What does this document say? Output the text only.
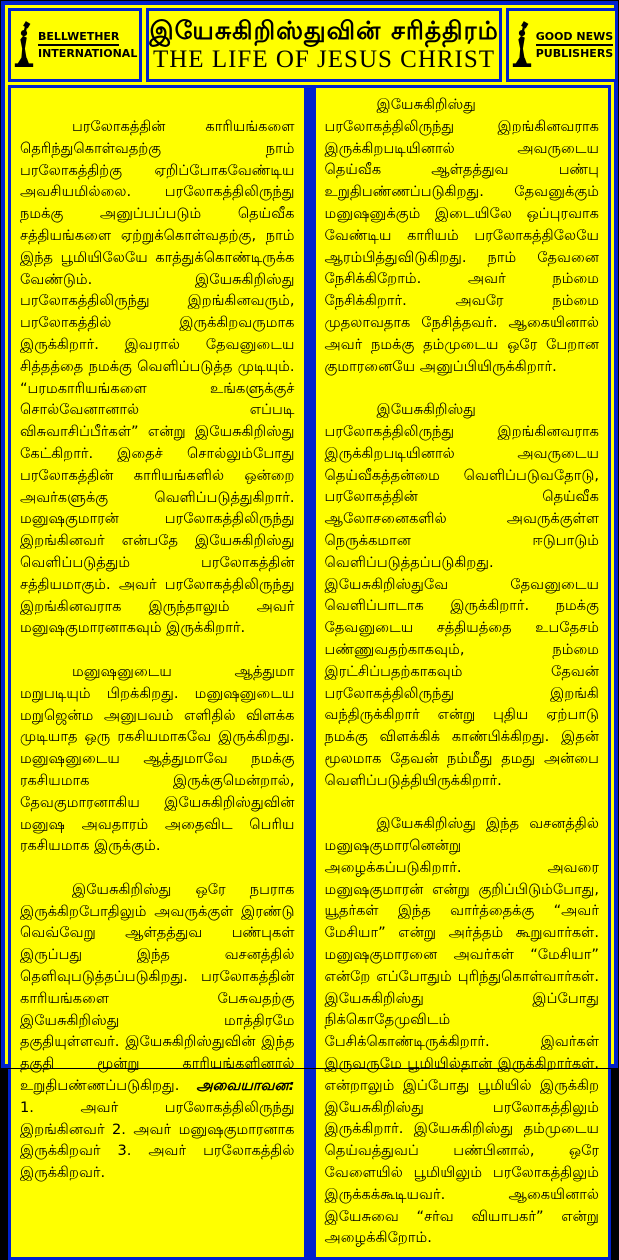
BELLWETHER
INTERNATIONAL
இயேசுகிறிஸ்துவின் சரித்திரம்
THE LIFE OF JESUS CHRIST
GOOD NEWS
PUBLISHERS

பரலோகத்தின் காரியங்களை தெரிந்துகொள்வதற்கு நாம் பரலோகத்திற்கு ஏறிப்போகவேண்டிய அவசியமில்லை. பரலோகத்திலிருந்து நமக்கு அனுப்பப்படும் தெய்வீக சத்தியங்களை ஏற்றுக்கொள்வதற்கு, நாம் இந்த பூமியிலேயே காத்துக்கொண்டிருக்க வேண்டும். இயேசுகிறிஸ்து பரலோகத்திலிருந்து இறங்கினவரும், பரலோகத்தில் இருக்கிறவருமாக இருக்கிறார். இவரால் தேவனுடைய சித்தத்தை நமக்கு வெளிப்படுத்த முடியும். “பரமகாரியங்களை உங்களுக்குச் சொல்வேனானால் எப்படி விசுவாசிப்பீர்கள்” என்று இயேசுகிறிஸ்து கேட்கிறார். இதைச் சொல்லும்போது பரலோகத்தின் காரியங்களில் ஒன்றை அவர்களுக்கு வெளிப்படுத்துகிறார். மனுஷகுமாரன் பரலோகத்திலிருந்து இறங்கினவர் என்பதே இயேசுகிறிஸ்து வெளிப்படுத்தும் பரலோகத்தின் சத்தியமாகும். அவர் பரலோகத்திலிருந்து இறங்கினவராக இருந்தாலும் அவர் மனுஷகுமாரனாகவும் இருக்கிறார்.

மனுஷனுடைய ஆத்துமா மறுபடியும் பிறக்கிறது. மனுஷனுடைய மறுஜென்ம அனுபவம் எளிதில் விளக்க முடியாத ஒரு ரகசியமாகவே இருக்கிறது. மனுஷனுடைய ஆத்துமாவே நமக்கு ரகசியமாக இருக்குமென்றால், தேவகுமாரனாகிய இயேசுகிறிஸ்துவின் மனுஷ அவதாரம் அதைவிட பெரிய ரகசியமாக இருக்கும்.

இயேசுகிறிஸ்து ஒரே நபராக இருக்கிறபோதிலும் அவருக்குள் இரண்டு வெவ்வேறு ஆள்தத்துவ பண்புகள் இருப்பது இந்த வசனத்தில் தெளிவுபடுத்தப்படுகிறது. பரலோகத்தின் காரியங்களை பேசுவதற்கு இயேசுகிறிஸ்து மாத்திரமே தகுதியுள்ளவர். இயேசுகிறிஸ்துவின் இந்த தகுதி மூன்று காரியங்களினால் உறுதிபண்ணப்படுகிறது. அவையாவன: 1. அவர் பரலோகத்திலிருந்து இறங்கினவர் 2. அவர் மனுஷகுமாரனாக இருக்கிறவர் 3. அவர் பரலோகத்தில் இருக்கிறவர்.

இயேசுகிறிஸ்து பரலோகத்திலிருந்து இறங்கினவராக இருக்கிறபடியினால் அவருடைய தெய்வீக ஆள்தத்துவ பண்பு உறுதிபண்ணப்படுகிறது. தேவனுக்கும் மனுஷனுக்கும் இடையிலே ஒப்புரவாக வேண்டிய காரியம் பரலோகத்திலேயே ஆரம்பித்துவிடுகிறது. நாம் தேவனை நேசிக்கிறோம். அவர் நம்மை நேசிக்கிறார். அவரே நம்மை முதலாவதாக நேசித்தவர். ஆகையினால் அவர் நமக்கு தம்முடைய ஒரே பேறான குமாரனையே அனுப்பியிருக்கிறார்.

இயேசுகிறிஸ்து பரலோகத்திலிருந்து இறங்கினவராக இருக்கிறபடியினால் அவருடைய தெய்வீகத்தன்மை வெளிப்படுவதோடு, பரலோகத்தின் தெய்வீக ஆலோசனைகளில் அவருக்குள்ள நெருக்கமான ஈடுபாடும் வெளிப்படுத்தப்படுகிறது. இயேசுகிறிஸ்துவே தேவனுடைய வெளிப்பாடாக இருக்கிறார். நமக்கு தேவனுடைய சத்தியத்தை உபதேசம் பண்ணுவதற்காகவும், நம்மை இரட்சிப்பதற்காகவும் தேவன் பரலோகத்திலிருந்து இறங்கி வந்திருக்கிறார் என்று புதிய ஏற்பாடு நமக்கு விளக்கிக் காண்பிக்கிறது. இதன் மூலமாக தேவன் நம்மீது தமது அன்பை வெளிப்படுத்தியிருக்கிறார்.

இயேசுகிறிஸ்து இந்த வசனத்தில் மனுஷகுமாரனென்று அழைக்கப்படுகிறார். அவரை மனுஷகுமாரன் என்று குறிப்பிடும்போது, யூதர்கள் இந்த வார்த்தைக்கு “அவர் மேசியா” என்று அர்த்தம் கூறுவார்கள். மனுஷகுமாரனை அவர்கள் “மேசியா” என்றே எப்போதும் புரிந்துகொள்வார்கள். இயேசுகிறிஸ்து இப்போது நிக்கொதேமுவிடம் பேசிக்கொண்டிருக்கிறார். இவர்கள் இருவருமே பூமியில்தான் இருக்கிறார்கள். என்றாலும் இப்போது பூமியில் இருக்கிற இயேசுகிறிஸ்து பரலோகத்திலும் இருக்கிறார். இயேசுகிறிஸ்து தம்முடைய தெய்வத்துவப் பண்பினால், ஒரே வேளையில் பூமியிலும் பரலோகத்திலும் இருக்கக்கூடியவர். ஆகையினால் இயேசுவை “சர்வ வியாபகர்” என்று அழைக்கிறோம்.
